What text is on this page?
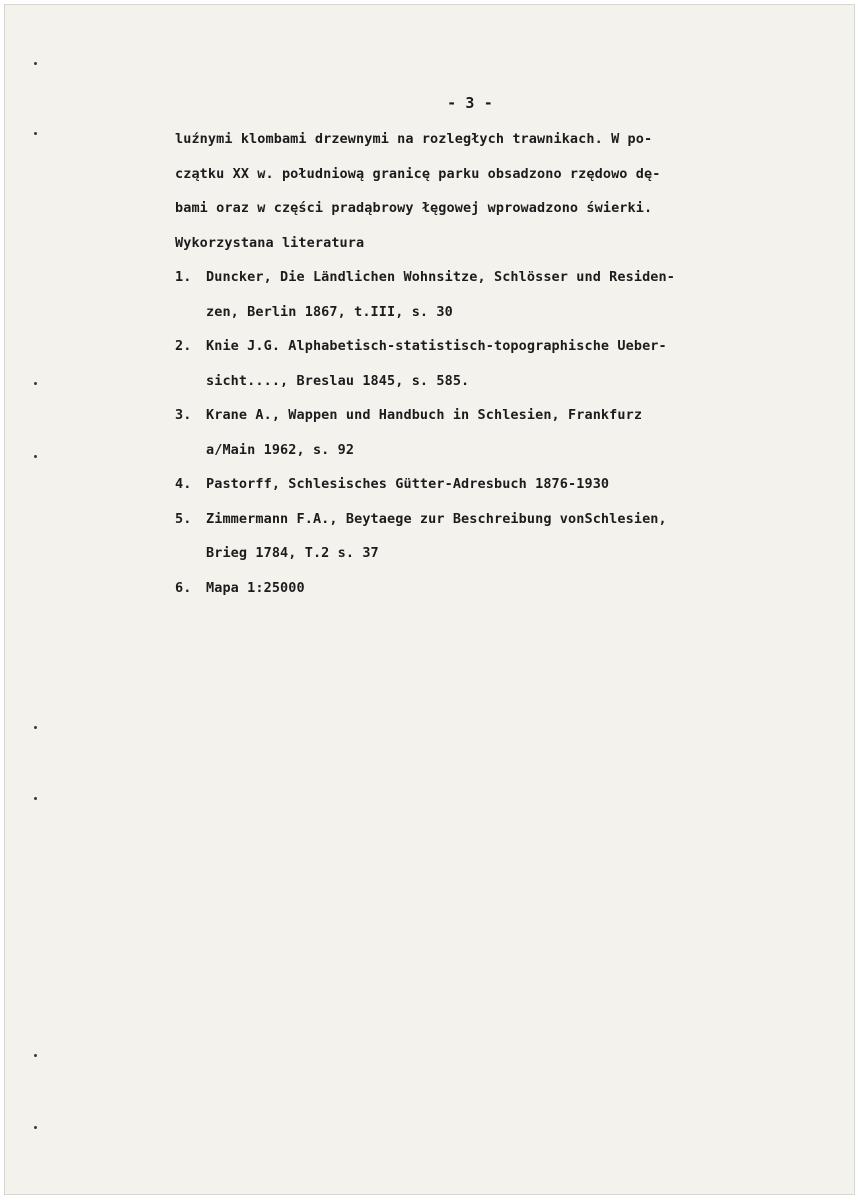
- 3 -
luźnymi klombami drzewnymi na rozległych trawnikach. W po-
czątku XX w. południową granicę parku obsadzono rzędowo dę-
bami oraz w części pradąbrowy łęgowej wprowadzono świerki.
Wykorzystana literatura
1.	Duncker, Die Ländlichen Wohnsitze, Schlösser und Residen-
zen, Berlin 1867, t.III, s. 30
2.	Knie J.G. Alphabetisch-statistisch-topographische Ueber-
sicht...., Breslau 1845, s. 585.
3.	Krane A., Wappen und Handbuch in Schlesien, Frankfurz
a/Main 1962, s. 92
4.	Pastorff, Schlesisches Gütter-Adresbuch 1876-1930
5.	Zimmermann F.A., Beytaege zur Beschreibung vonSchlesien,
Brieg 1784, T.2 s. 37
6.	Mapa 1:25000
